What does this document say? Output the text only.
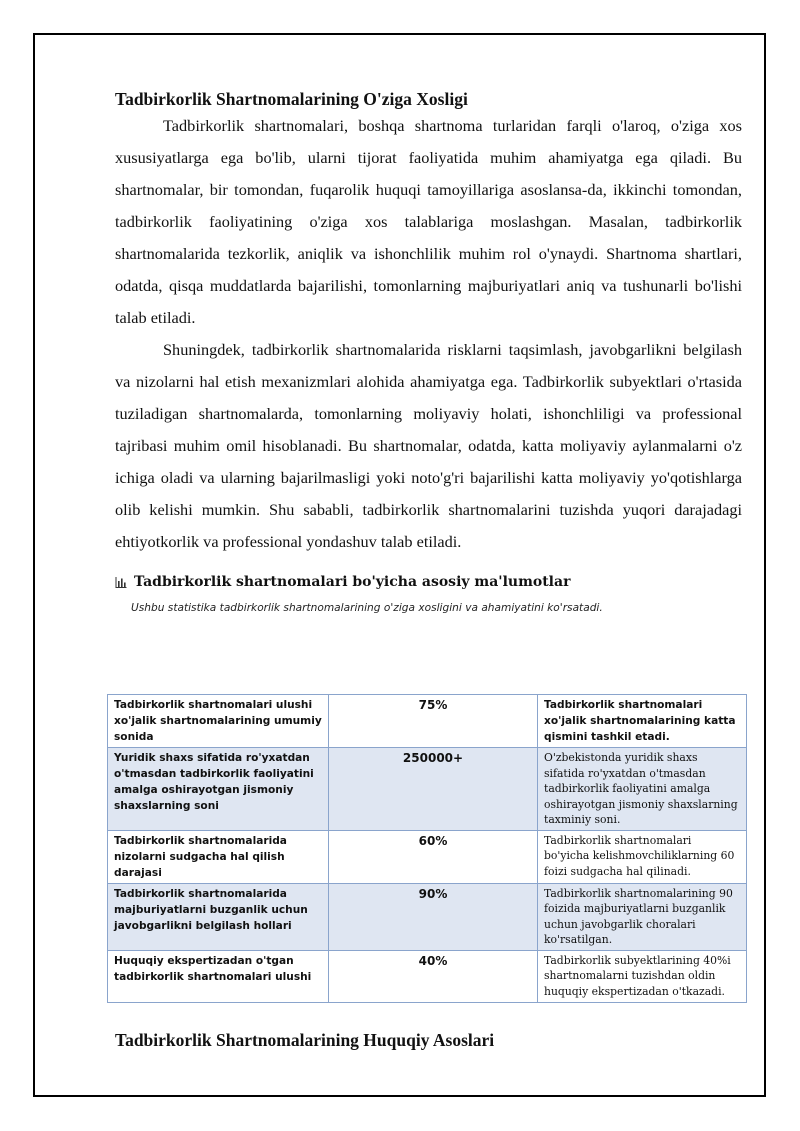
Tadbirkorlik Shartnomalarining O'ziga Xosligi

Tadbirkorlik shartnomalari, boshqa shartnoma turlaridan farqli o'laroq, o'ziga xos xususiyatlarga ega bo'lib, ularni tijorat faoliyatida muhim ahamiyatga ega qiladi. Bu shartnomalar, bir tomondan, fuqarolik huquqi tamoyillariga asoslansa-da, ikkinchi tomondan, tadbirkorlik faoliyatining o'ziga xos talablariga moslashgan. Masalan, tadbirkorlik shartnomalarida tezkorlik, aniqlik va ishonchlilik muhim rol o'ynaydi. Shartnoma shartlari, odatda, qisqa muddatlarda bajarilishi, tomonlarning majburiyatlari aniq va tushunarli bo'lishi talab etiladi.

Shuningdek, tadbirkorlik shartnomalarida risklarni taqsimlash, javobgarlikni belgilash va nizolarni hal etish mexanizmlari alohida ahamiyatga ega. Tadbirkorlik subyektlari o'rtasida tuziladigan shartnomalarda, tomonlarning moliyaviy holati, ishonchliligi va professional tajribasi muhim omil hisoblanadi. Bu shartnomalar, odatda, katta moliyaviy aylanmalarni o'z ichiga oladi va ularning bajarilmasligi yoki noto'g'ri bajarilishi katta moliyaviy yo'qotishlarga olib kelishi mumkin. Shu sababli, tadbirkorlik shartnomalarini tuzishda yuqori darajadagi ehtiyotkorlik va professional yondashuv talab etiladi.

Tadbirkorlik shartnomalari bo'yicha asosiy ma'lumotlar
Ushbu statistika tadbirkorlik shartnomalarining o'ziga xosligini va ahamiyatini ko'rsatadi.
Tadbirkorlik shartnomalari ulushi xo'jalik shartnomalarining umumiy sonida	75%	Tadbirkorlik shartnomalari xo'jalik shartnomalarining katta qismini tashkil etadi.
Yuridik shaxs sifatida ro'yxatdan o'tmasdan tadbirkorlik faoliyatini amalga oshirayotgan jismoniy shaxslarning soni	250000+	O'zbekistonda yuridik shaxs sifatida ro'yxatdan o'tmasdan tadbirkorlik faoliyatini amalga oshirayotgan jismoniy shaxslarning taxminiy soni.
Tadbirkorlik shartnomalarida nizolarni sudgacha hal qilish darajasi	60%	Tadbirkorlik shartnomalari bo'yicha kelishmovchiliklarning 60 foizi sudgacha hal qilinadi.
Tadbirkorlik shartnomalarida majburiyatlarni buzganlik uchun javobgarlikni belgilash hollari	90%	Tadbirkorlik shartnomalarining 90 foizida majburiyatlarni buzganlik uchun javobgarlik choralari ko'rsatilgan.
Huquqiy ekspertizadan o'tgan tadbirkorlik shartnomalari ulushi	40%	Tadbirkorlik subyektlarining 40%i shartnomalarni tuzishdan oldin huquqiy ekspertizadan o'tkazadi.
Tadbirkorlik Shartnomalarining Huquqiy Asoslari
